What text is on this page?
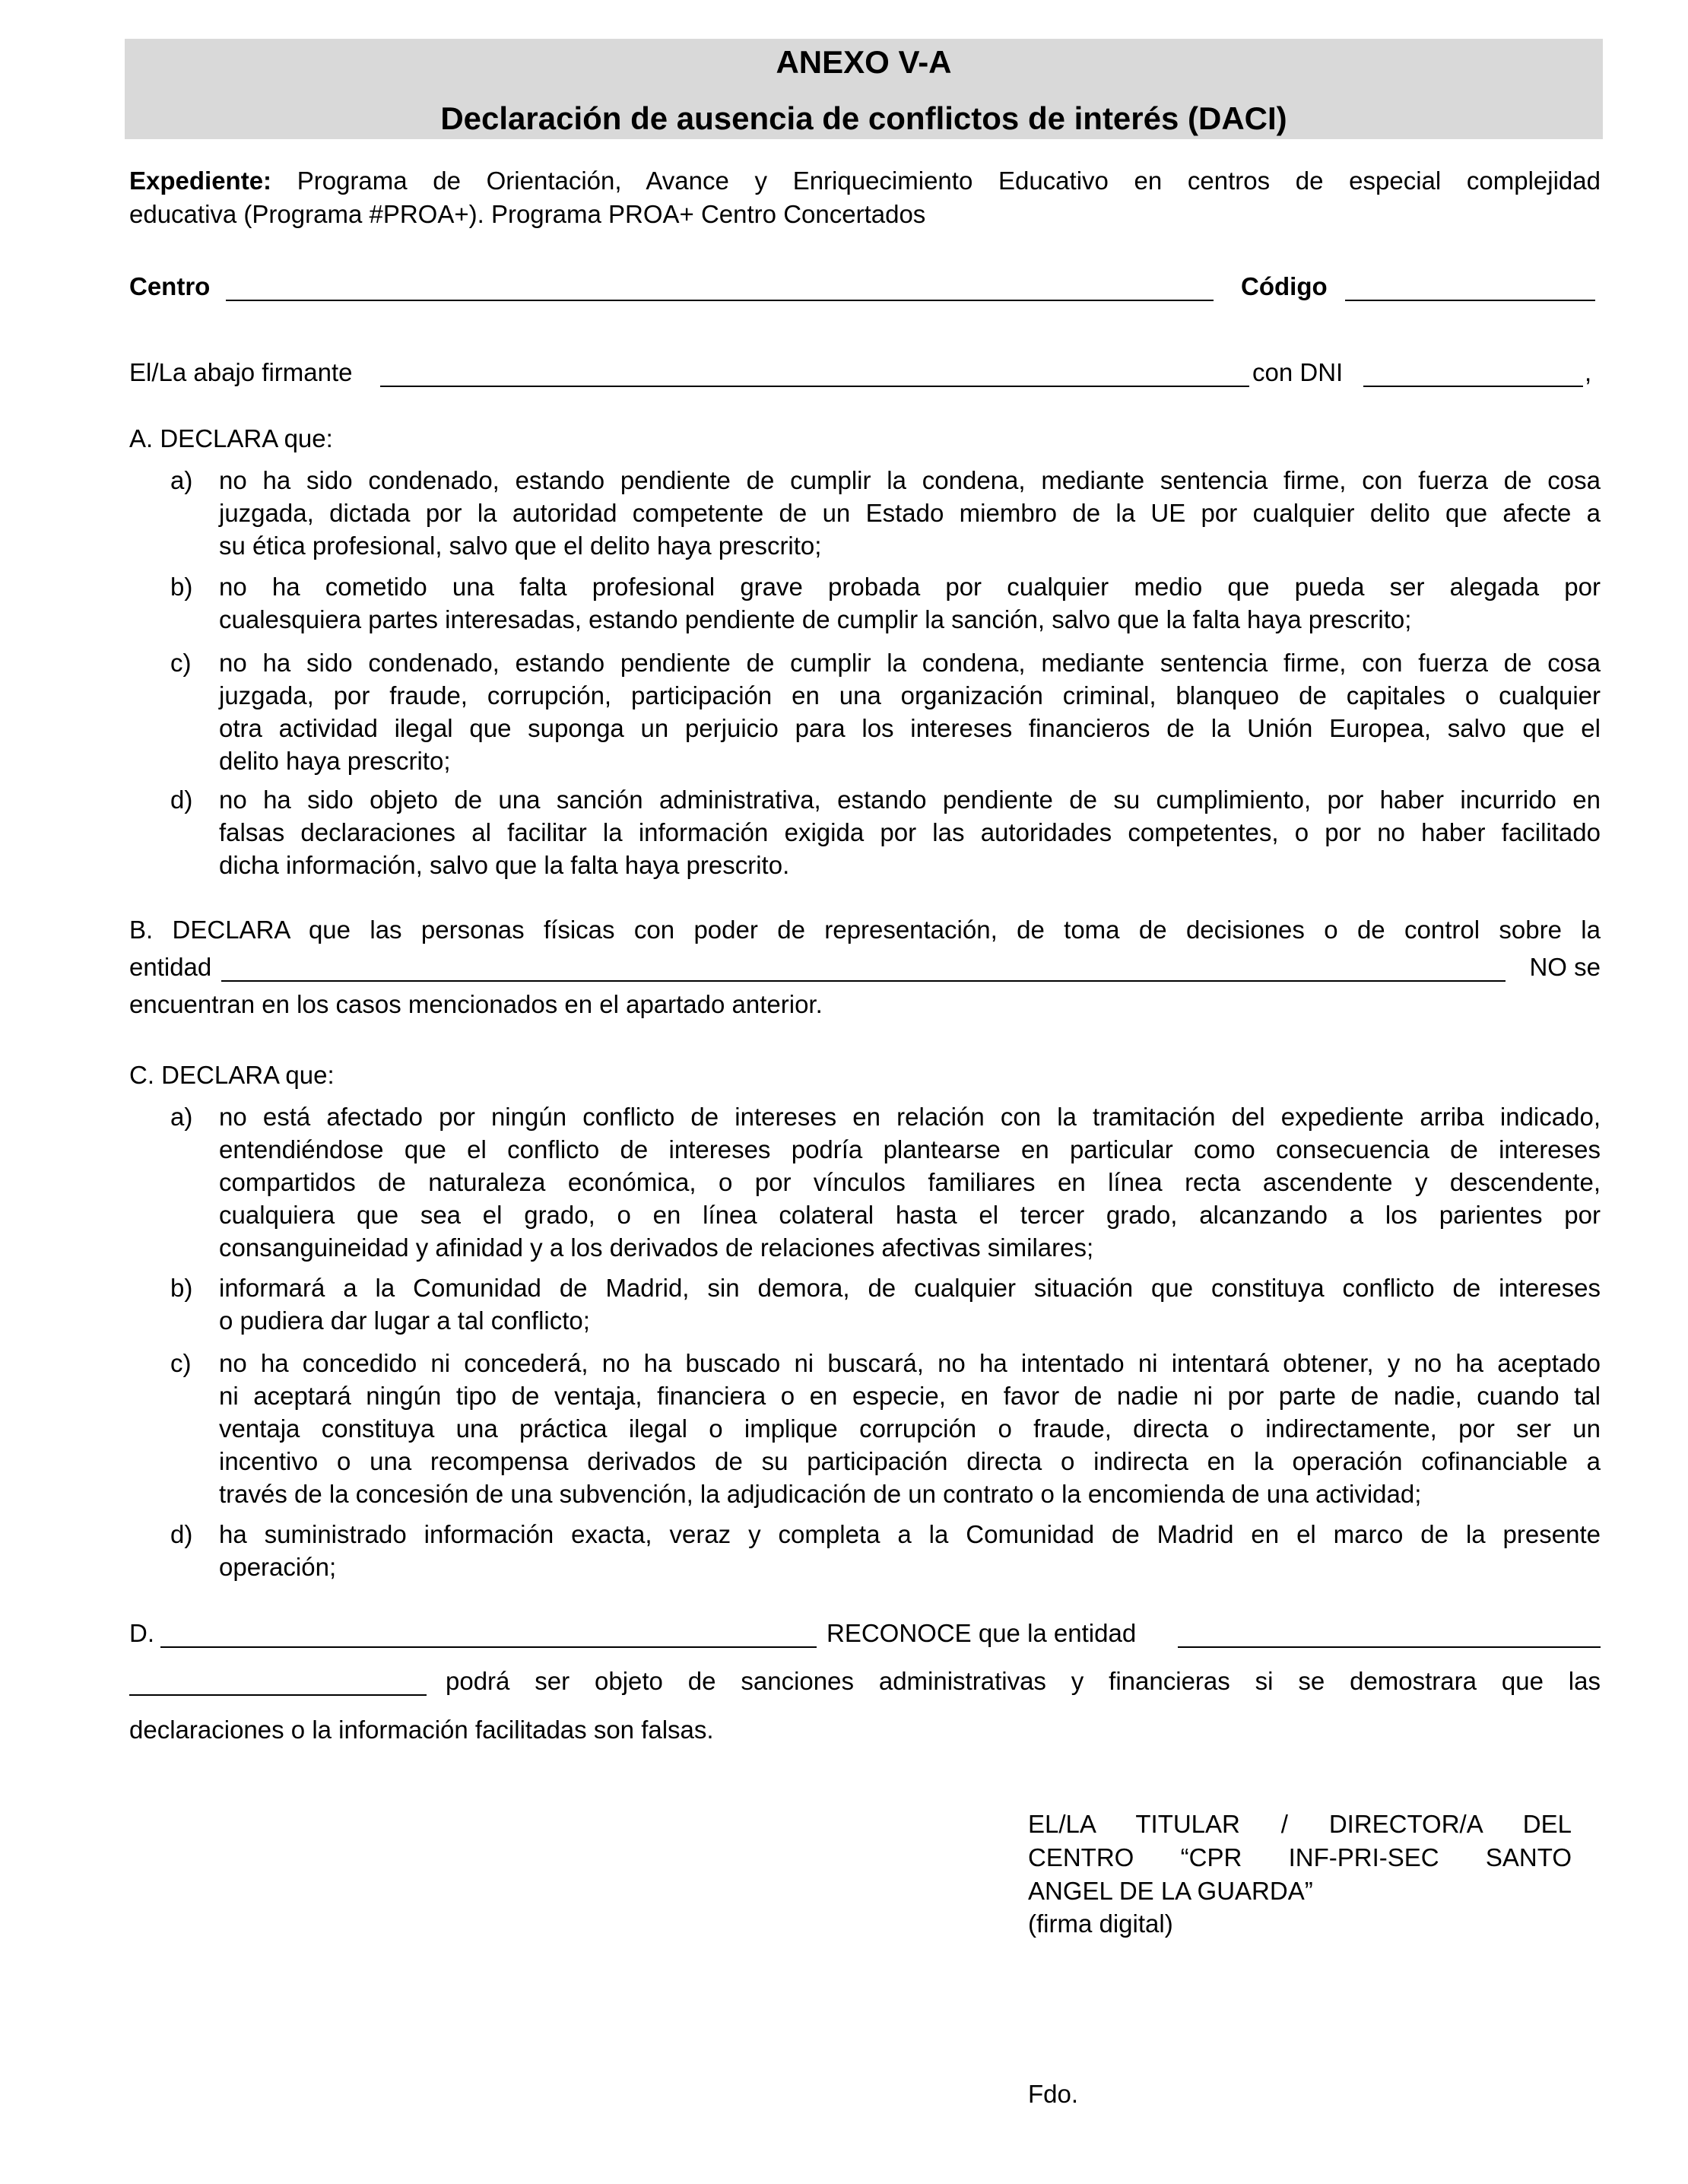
ANEXO V-A
Declaración de ausencia de conflictos de interés (DACI)
Expediente: Programa de Orientación, Avance y Enriquecimiento Educativo en centros de especial complejidad
educativa (Programa #PROA+). Programa PROA+ Centro Concertados
Centro	Código
El/La abajo firmante	con DNI	,
A. DECLARA que:
a) no ha sido condenado, estando pendiente de cumplir la condena, mediante sentencia firme, con fuerza de cosa
juzgada, dictada por la autoridad competente de un Estado miembro de la UE por cualquier delito que afecte a
su ética profesional, salvo que el delito haya prescrito;
b) no ha cometido una falta profesional grave probada por cualquier medio que pueda ser alegada por
cualesquiera partes interesadas, estando pendiente de cumplir la sanción, salvo que la falta haya prescrito;
c) no ha sido condenado, estando pendiente de cumplir la condena, mediante sentencia firme, con fuerza de cosa
juzgada, por fraude, corrupción, participación en una organización criminal, blanqueo de capitales o cualquier
otra actividad ilegal que suponga un perjuicio para los intereses financieros de la Unión Europea, salvo que el
delito haya prescrito;
d) no ha sido objeto de una sanción administrativa, estando pendiente de su cumplimiento, por haber incurrido en
falsas declaraciones al facilitar la información exigida por las autoridades competentes, o por no haber facilitado
dicha información, salvo que la falta haya prescrito.
B. DECLARA que las personas físicas con poder de representación, de toma de decisiones o de control sobre la
entidad	NO se
encuentran en los casos mencionados en el apartado anterior.
C. DECLARA que:
a) no está afectado por ningún conflicto de intereses en relación con la tramitación del expediente arriba indicado,
entendiéndose que el conflicto de intereses podría plantearse en particular como consecuencia de intereses
compartidos de naturaleza económica, o por vínculos familiares en línea recta ascendente y descendente,
cualquiera que sea el grado, o en línea colateral hasta el tercer grado, alcanzando a los parientes por
consanguineidad y afinidad y a los derivados de relaciones afectivas similares;
b) informará a la Comunidad de Madrid, sin demora, de cualquier situación que constituya conflicto de intereses
o pudiera dar lugar a tal conflicto;
c) no ha concedido ni concederá, no ha buscado ni buscará, no ha intentado ni intentará obtener, y no ha aceptado
ni aceptará ningún tipo de ventaja, financiera o en especie, en favor de nadie ni por parte de nadie, cuando tal
ventaja constituya una práctica ilegal o implique corrupción o fraude, directa o indirectamente, por ser un
incentivo o una recompensa derivados de su participación directa o indirecta en la operación cofinanciable a
través de la concesión de una subvención, la adjudicación de un contrato o la encomienda de una actividad;
d) ha suministrado información exacta, veraz y completa a la Comunidad de Madrid en el marco de la presente
operación;
D.	RECONOCE que la entidad
podrá ser objeto de sanciones administrativas y financieras si se demostrara que las
declaraciones o la información facilitadas son falsas.
EL/LA TITULAR / DIRECTOR/A DEL
CENTRO “CPR INF-PRI-SEC SANTO
ANGEL DE LA GUARDA”
(firma digital)
Fdo.
